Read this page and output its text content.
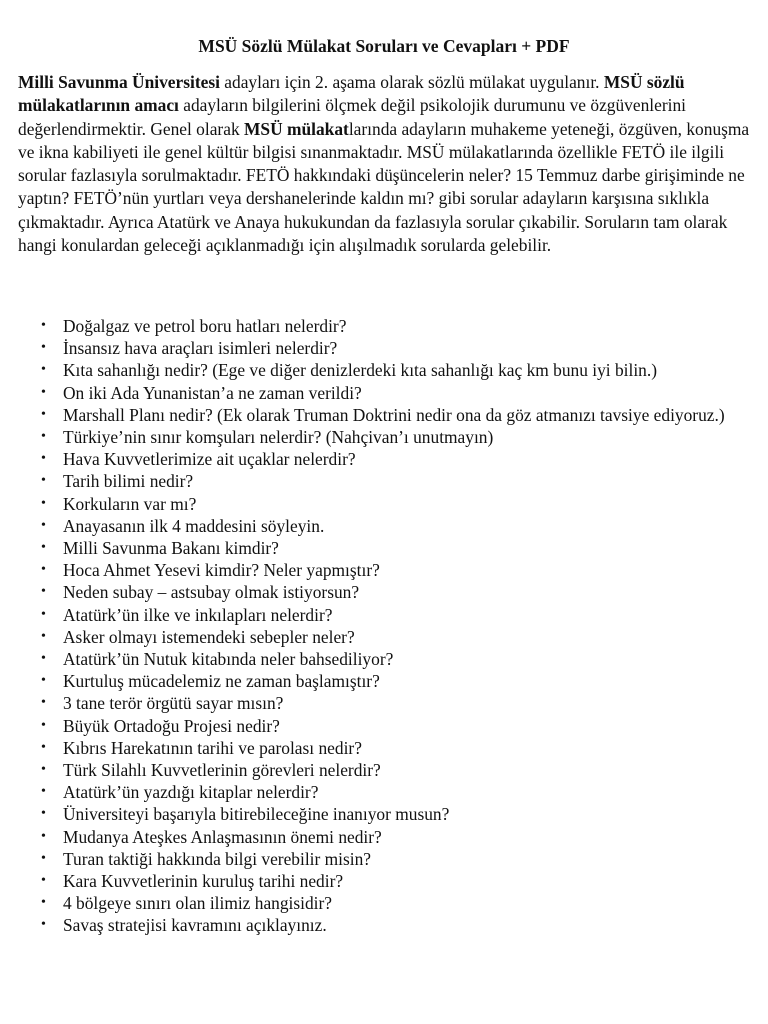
MSÜ Sözlü Mülakat Soruları ve Cevapları + PDF

Milli Savunma Üniversitesi adayları için 2. aşama olarak sözlü mülakat uygulanır. MSÜ sözlü mülakatlarının amacı adayların bilgilerini ölçmek değil psikolojik durumunu ve özgüvenlerini değerlendirmektir. Genel olarak MSÜ mülakatlarında adayların muhakeme yeteneği, özgüven, konuşma ve ikna kabiliyeti ile genel kültür bilgisi sınanmaktadır. MSÜ mülakatlarında özellikle FETÖ ile ilgili sorular fazlasıyla sorulmaktadır. FETÖ hakkındaki düşüncelerin neler? 15 Temmuz darbe girişiminde ne yaptın? FETÖ’nün yurtları veya dershanelerinde kaldın mı? gibi sorular adayların karşısına sıklıkla çıkmaktadır. Ayrıca Atatürk ve Anaya hukukundan da fazlasıyla sorular çıkabilir. Soruların tam olarak hangi konulardan geleceği açıklanmadığı için alışılmadık sorularda gelebilir.

• Doğalgaz ve petrol boru hatları nelerdir?
• İnsansız hava araçları isimleri nelerdir?
• Kıta sahanlığı nedir? (Ege ve diğer denizlerdeki kıta sahanlığı kaç km bunu iyi bilin.)
• On iki Ada Yunanistan’a ne zaman verildi?
• Marshall Planı nedir? (Ek olarak Truman Doktrini nedir ona da göz atmanızı tavsiye ediyoruz.)
• Türkiye’nin sınır komşuları nelerdir? (Nahçivan’ı unutmayın)
• Hava Kuvvetlerimize ait uçaklar nelerdir?
• Tarih bilimi nedir?
• Korkuların var mı?
• Anayasanın ilk 4 maddesini söyleyin.
• Milli Savunma Bakanı kimdir?
• Hoca Ahmet Yesevi kimdir? Neler yapmıştır?
• Neden subay – astsubay olmak istiyorsun?
• Atatürk’ün ilke ve inkılapları nelerdir?
• Asker olmayı istemendeki sebepler neler?
• Atatürk’ün Nutuk kitabında neler bahsediliyor?
• Kurtuluş mücadelemiz ne zaman başlamıştır?
• 3 tane terör örgütü sayar mısın?
• Büyük Ortadoğu Projesi nedir?
• Kıbrıs Harekatının tarihi ve parolası nedir?
• Türk Silahlı Kuvvetlerinin görevleri nelerdir?
• Atatürk’ün yazdığı kitaplar nelerdir?
• Üniversiteyi başarıyla bitirebileceğine inanıyor musun?
• Mudanya Ateşkes Anlaşmasının önemi nedir?
• Turan taktiği hakkında bilgi verebilir misin?
• Kara Kuvvetlerinin kuruluş tarihi nedir?
• 4 bölgeye sınırı olan ilimiz hangisidir?
• Savaş stratejisi kavramını açıklayınız.
